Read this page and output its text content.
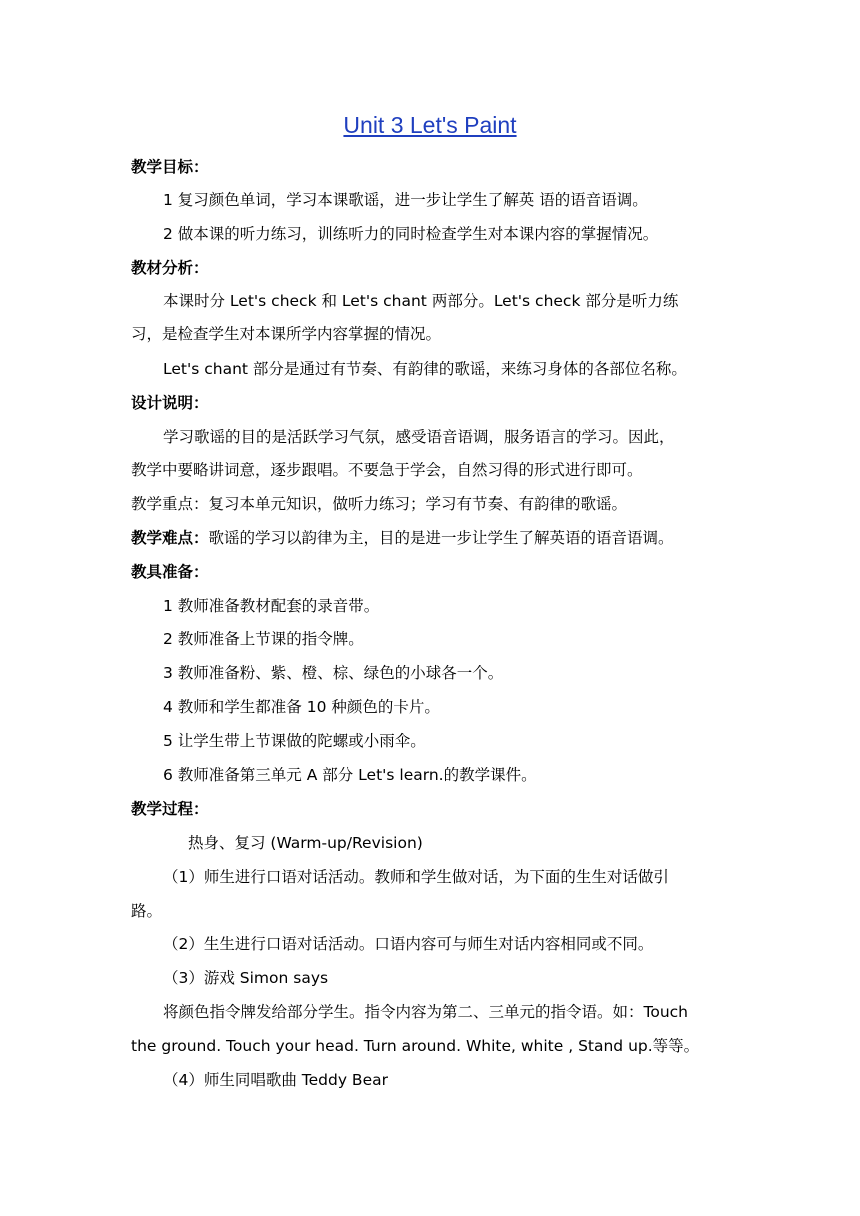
Unit 3 Let's Paint
教学目标：
1 复习颜色单词，学习本课歌谣，进一步让学生了解英 语的语音语调。
2 做本课的听力练习，训练听力的同时检查学生对本课内容的掌握情况。
教材分析：
本课时分 Let's check 和 Let's chant 两部分。Let's check 部分是听力练
习，是检查学生对本课所学内容掌握的情况。
Let's chant 部分是通过有节奏、有韵律的歌谣，来练习身体的各部位名称。
设计说明：
学习歌谣的目的是活跃学习气氛，感受语音语调，服务语言的学习。因此，
教学中要略讲词意，逐步跟唱。不要急于学会，自然习得的形式进行即可。
教学重点：复习本单元知识，做听力练习；学习有节奏、有韵律的歌谣。
教学难点：歌谣的学习以韵律为主，目的是进一步让学生了解英语的语音语调。
教具准备：
1 教师准备教材配套的录音带。
2 教师准备上节课的指令牌。
3 教师准备粉、紫、橙、棕、绿色的小球各一个。
4 教师和学生都准备 10 种颜色的卡片。
5 让学生带上节课做的陀螺或小雨伞。
6 教师准备第三单元 A 部分 Let's learn.的教学课件。
教学过程：
热身、复习 (Warm-up/Revision)
（1）师生进行口语对话活动。教师和学生做对话，为下面的生生对话做引
路。
（2）生生进行口语对话活动。口语内容可与师生对话内容相同或不同。
（3）游戏 Simon says
将颜色指令牌发给部分学生。指令内容为第二、三单元的指令语。如：Touch
the ground. Touch your head. Turn around. White, white , Stand up.等等。
（4）师生同唱歌曲 Teddy Bear
